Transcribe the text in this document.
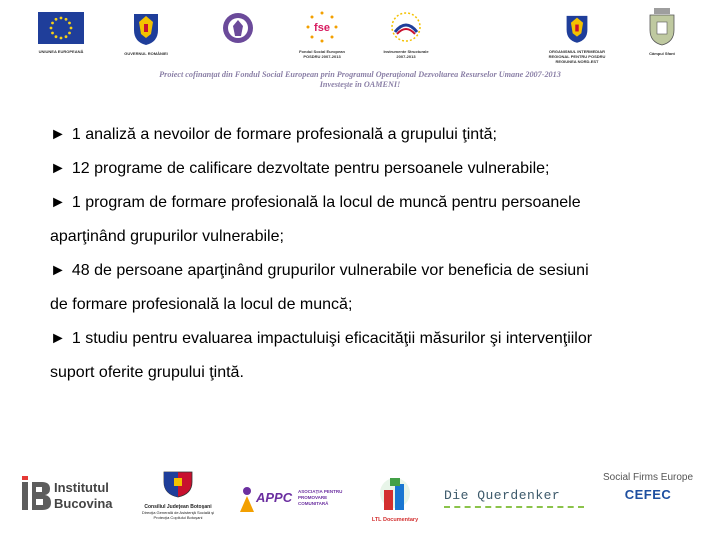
UNIUNEA EUROPEANĂ	GUVERNUL ROMÂNIEI
fse
Fondul Social European
POSDRU 2007-2013
Instrumente Structurale
2007-2013
ORGANISMUL INTERMEDIAR
REGIONAL PENTRU POSDRU
REGIUNEA NORD-EST
Câmpul Sfant
Proiect cofinanţat din Fondul Social European prin Programul Operaţional Dezvoltarea Resurselor Umane 2007-2013
Investeşte în OAMENI!
► 1 analiză a nevoilor de formare profesională a grupului ţintă;
► 12 programe de calificare dezvoltate pentru persoanele vulnerabile;
► 1 program de formare profesională la locul de muncă pentru persoanele
aparţinând grupurilor vulnerabile;
► 48 de persoane aparţinând grupurilor vulnerabile vor beneficia de sesiuni
de formare profesională la locul de muncă;
► 1 studiu pentru evaluarea impactuluişi eficacităţii măsurilor şi intervenţiilor
suport oferite grupului ţintă.
Institutul
Bucovina	Consiliul Judeţean Botoşani
Direcţia Generală de Asistenţă Socială şi Protecţia Copilului Botoşani
APPC ASOCIAŢIA PENTRU PROMOVARE COMUNITARĂ
LTL Documentary
Die Querdenker
Social Firms Europe
CEFEC
